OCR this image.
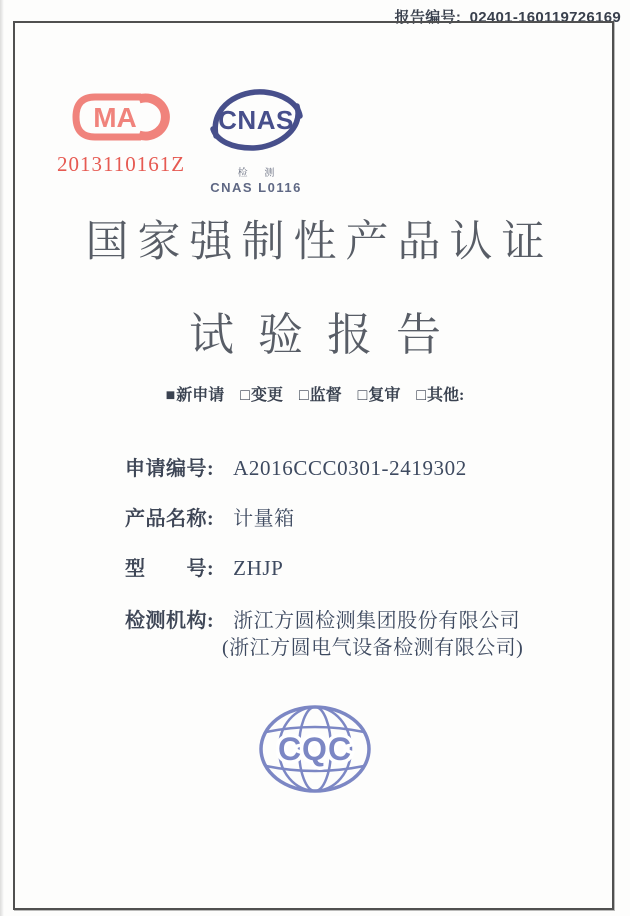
报告编号: 02401-160119726169
MA
2013110161Z
CNAS
检 测
CNAS L0116
国家强制性产品认证
试验报告
■新申请 □变更 □监督 □复审 □其他:
申请编号: A2016CCC0301-2419302
产品名称: 计量箱
型　　号: ZHJP
检测机构: 浙江方圆检测集团股份有限公司
(浙江方圆电气设备检测有限公司)
CQC
